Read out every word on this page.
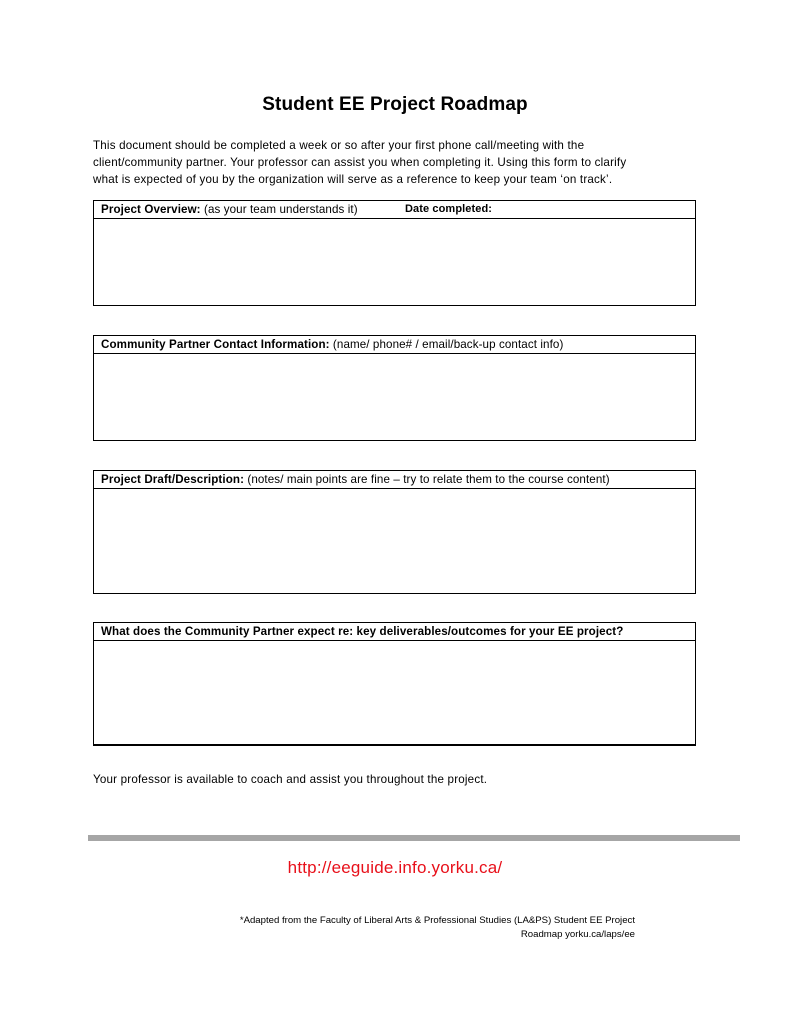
Student EE Project Roadmap
This document should be completed a week or so after your first phone call/meeting with the
client/community partner. Your professor can assist you when completing it. Using this form to clarify
what is expected of you by the organization will serve as a reference to keep your team ‘on track’.
Project Overview: (as your team understands it)	Date completed:
Community Partner Contact Information: (name/ phone# / email/back-up contact info)
Project Draft/Description: (notes/ main points are fine – try to relate them to the course content)
What does the Community Partner expect re: key deliverables/outcomes for your EE project?
Your professor is available to coach and assist you throughout the project.
http://eeguide.info.yorku.ca/
*Adapted from the Faculty of Liberal Arts & Professional Studies (LA&PS) Student EE Project
Roadmap yorku.ca/laps/ee
